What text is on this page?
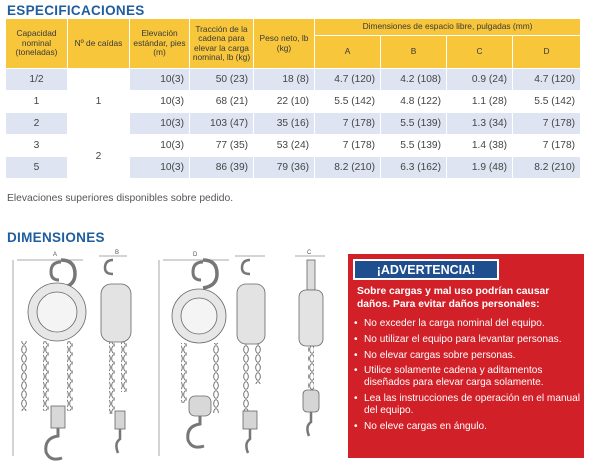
ESPECIFICACIONES
Capacidad nominal (toneladas)	Nº de caídas	Elevación estándar, pies (m)	Tracción de la cadena para elevar la carga nominal, lb (kg)	Peso neto, lb (kg)	Dimensiones de espacio libre, pulgadas (mm)			
					A	B	C	D
1/2	1	10(3)	50 (23)	18 (8)	4.7 (120)	4.2 (108)	0.9 (24)	4.7 (120)
1		10(3)	68 (21)	22 (10)	5.5 (142)	4.8 (122)	1.1 (28)	5.5 (142)
2		10(3)	103 (47)	35 (16)	7 (178)	5.5 (139)	1.3 (34)	7 (178)
3	2	10(3)	77 (35)	53 (24)	7 (178)	5.5 (139)	1.4 (38)	7 (178)
5		10(3)	86 (39)	79 (36)	8.2 (210)	6.3 (162)	1.9 (48)	8.2 (210)

Elevaciones superiores disponibles sobre pedido.

DIMENSIONES
A	B	D	C
¡ADVERTENCIA!

Sobre cargas y mal uso podrían causar daños. Para evitar daños personales:

• No exceder la carga nominal del equipo.
• No utilizar el equipo para levantar personas.
• No elevar cargas sobre personas.
• Utilice solamente cadena y aditamentos diseñados para elevar carga solamente.
• Lea las instrucciones de operación en el manual del equipo.
• No eleve cargas en ángulo.
